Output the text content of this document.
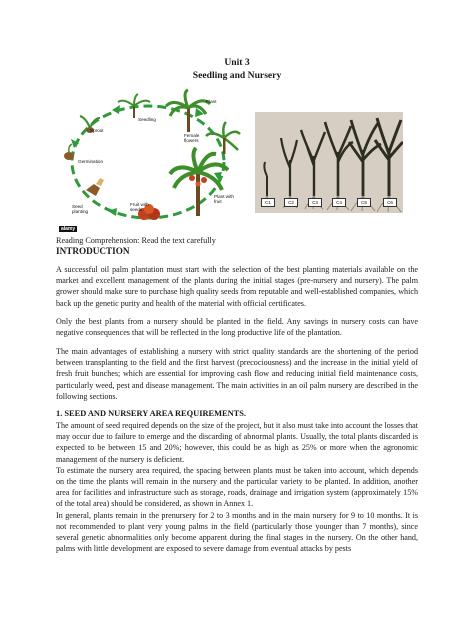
Unit 3
Seedling and Nursery
Plant
Seedling
Sprout
Female flowers
Germination
Plant with fruit
Seed planting
Fruit with seeds
alamy
C1	C2	C3	C4	C5	C6
Reading Comprehension: Read the text carefully
INTRODUCTION

A successful oil palm plantation must start with the selection of the best planting materials available on the market and excellent management of the plants during the initial stages (pre-nursery and nursery). The palm grower should make sure to purchase high quality seeds from reputable and well-established companies, which back up the genetic purity and health of the material with official certificates.

Only the best plants from a nursery should be planted in the field. Any savings in nursery costs can have negative consequences that will be reflected in the long productive life of the plantation.

The main advantages of establishing a nursery with strict quality standards are the shortening of the period between transplanting to the field and the first harvest (precociousness) and the increase in the initial yield of fresh fruit bunches; which are essential for improving cash flow and reducing initial field maintenance costs, particularly weed, pest and disease management. The main activities in an oil palm nursery are described in the following sections.

1. SEED AND NURSERY AREA REQUIREMENTS.

The amount of seed required depends on the size of the project, but it also must take into account the losses that may occur due to failure to emerge and the discarding of abnormal plants. Usually, the total plants discarded is expected to be between 15 and 20%; however, this could be as high as 25% or more when the agronomic management of the nursery is deficient.

To estimate the nursery area required, the spacing between plants must be taken into account, which depends on the time the plants will remain in the nursery and the particular variety to be planted. In addition, another area for facilities and infrastructure such as storage, roads, drainage and irrigation system (approximately 15% of the total area) should be considered, as shown in Annex 1.

In general, plants remain in the prenursery for 2 to 3 months and in the main nursery for 9 to 10 months. It is not recommended to plant very young palms in the field (particularly those younger than 7 months), since several genetic abnormalities only become apparent during the final stages in the nursery. On the other hand, palms with little development are exposed to severe damage from eventual attacks by pests
